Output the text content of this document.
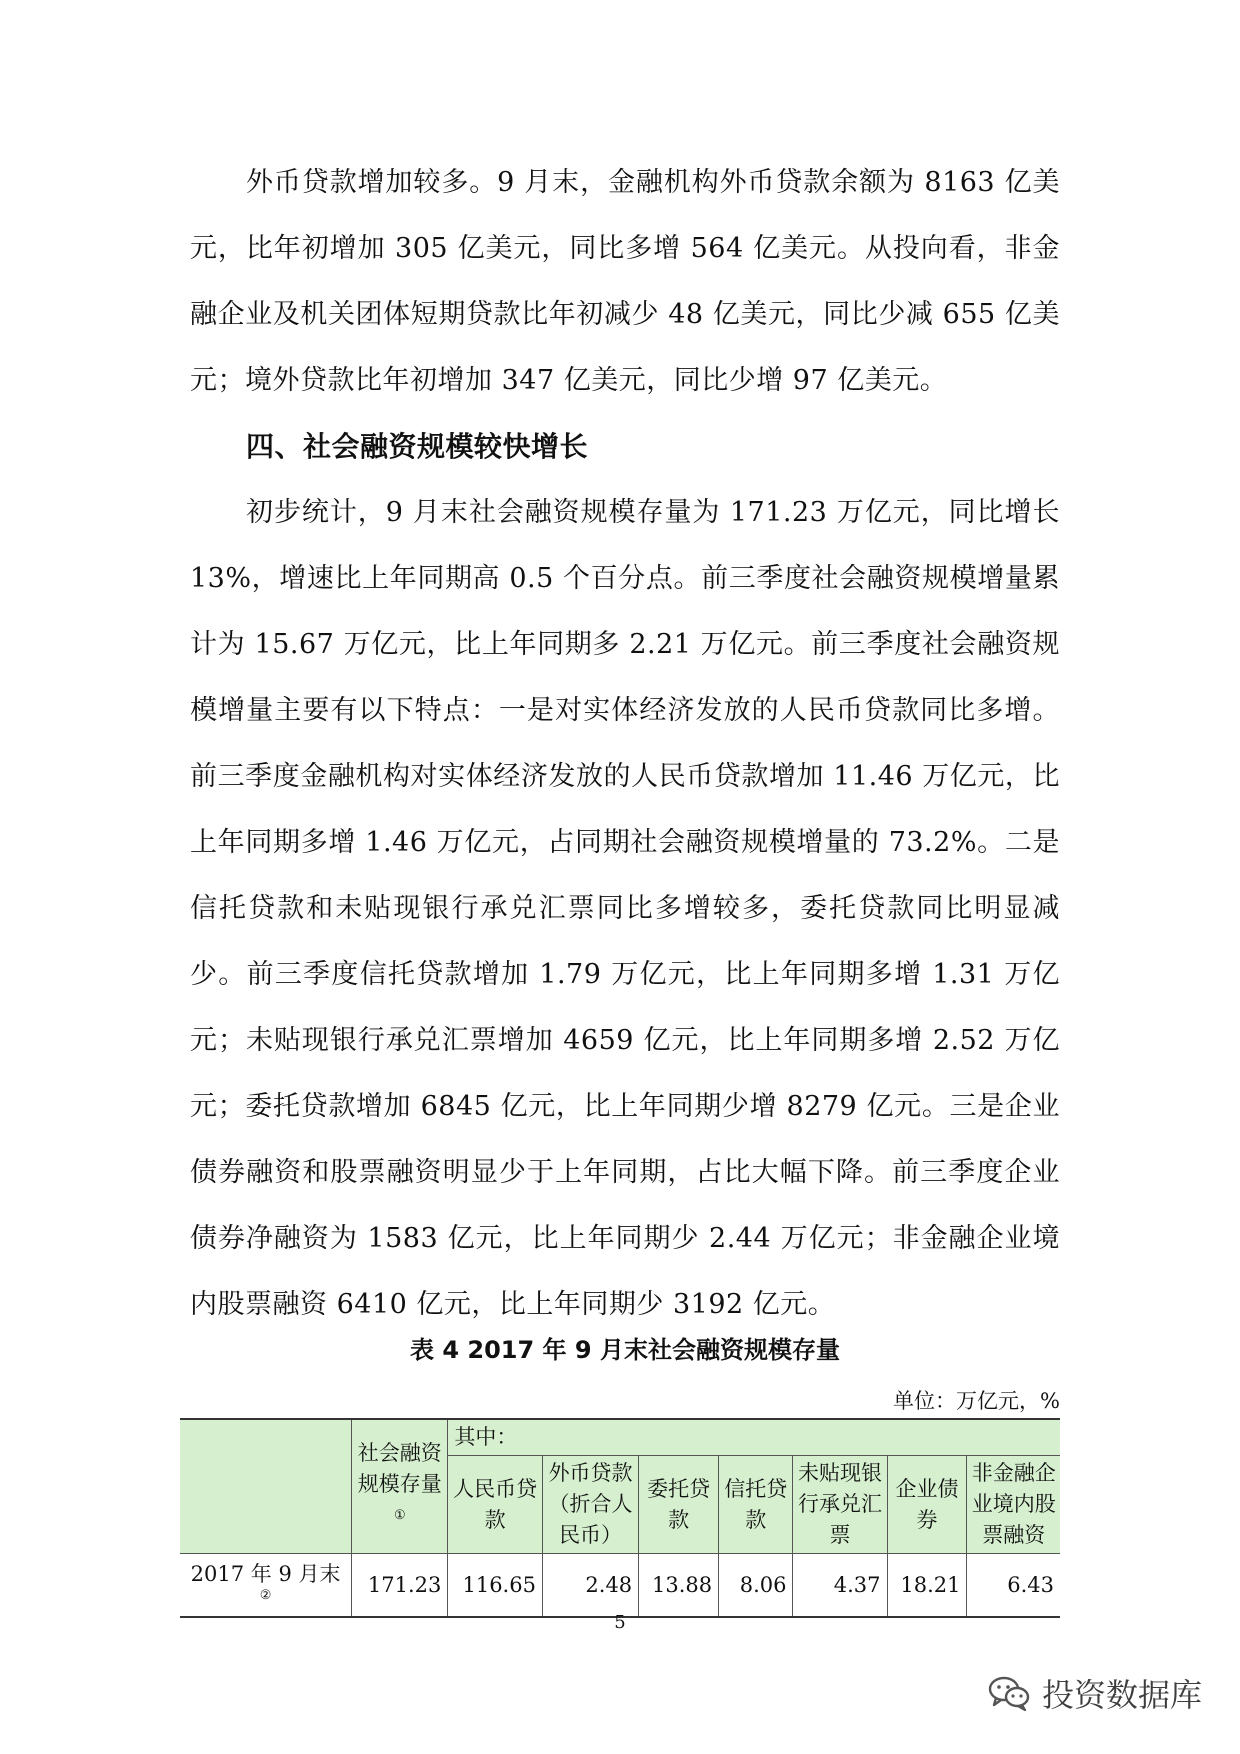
外币贷款增加较多。9 月末，金融机构外币贷款余额为 8163 亿美元，比年初增加 305 亿美元，同比多增 564 亿美元。从投向看，非金融企业及机关团体短期贷款比年初减少 48 亿美元，同比少减 655 亿美元；境外贷款比年初增加 347 亿美元，同比少增 97 亿美元。

四、社会融资规模较快增长

初步统计，9 月末社会融资规模存量为 171.23 万亿元，同比增长 13%，增速比上年同期高 0.5 个百分点。前三季度社会融资规模增量累计为 15.67 万亿元，比上年同期多 2.21 万亿元。前三季度社会融资规模增量主要有以下特点：一是对实体经济发放的人民币贷款同比多增。前三季度金融机构对实体经济发放的人民币贷款增加 11.46 万亿元，比上年同期多增 1.46 万亿元，占同期社会融资规模增量的 73.2%。二是信托贷款和未贴现银行承兑汇票同比多增较多，委托贷款同比明显减少。前三季度信托贷款增加 1.79 万亿元，比上年同期多增 1.31 万亿元；未贴现银行承兑汇票增加 4659 亿元，比上年同期多增 2.52 万亿元；委托贷款增加 6845 亿元，比上年同期少增 8279 亿元。三是企业债券融资和股票融资明显少于上年同期，占比大幅下降。前三季度企业债券净融资为 1583 亿元，比上年同期少 2.44 万亿元；非金融企业境内股票融资 6410 亿元，比上年同期少 3192 亿元。

表 4 2017 年 9 月末社会融资规模存量
单位：万亿元，%
	社会融资规模存量
①	其中：						
		人民币贷款	外币贷款（折合人民币）	委托贷款	信托贷款	未贴现银行承兑汇票	企业债券	非金融企业境内股票融资
2017 年 9 月末②	171.23	116.65	2.48	13.88	8.06	4.37	18.21	6.43
5
投资数据库
